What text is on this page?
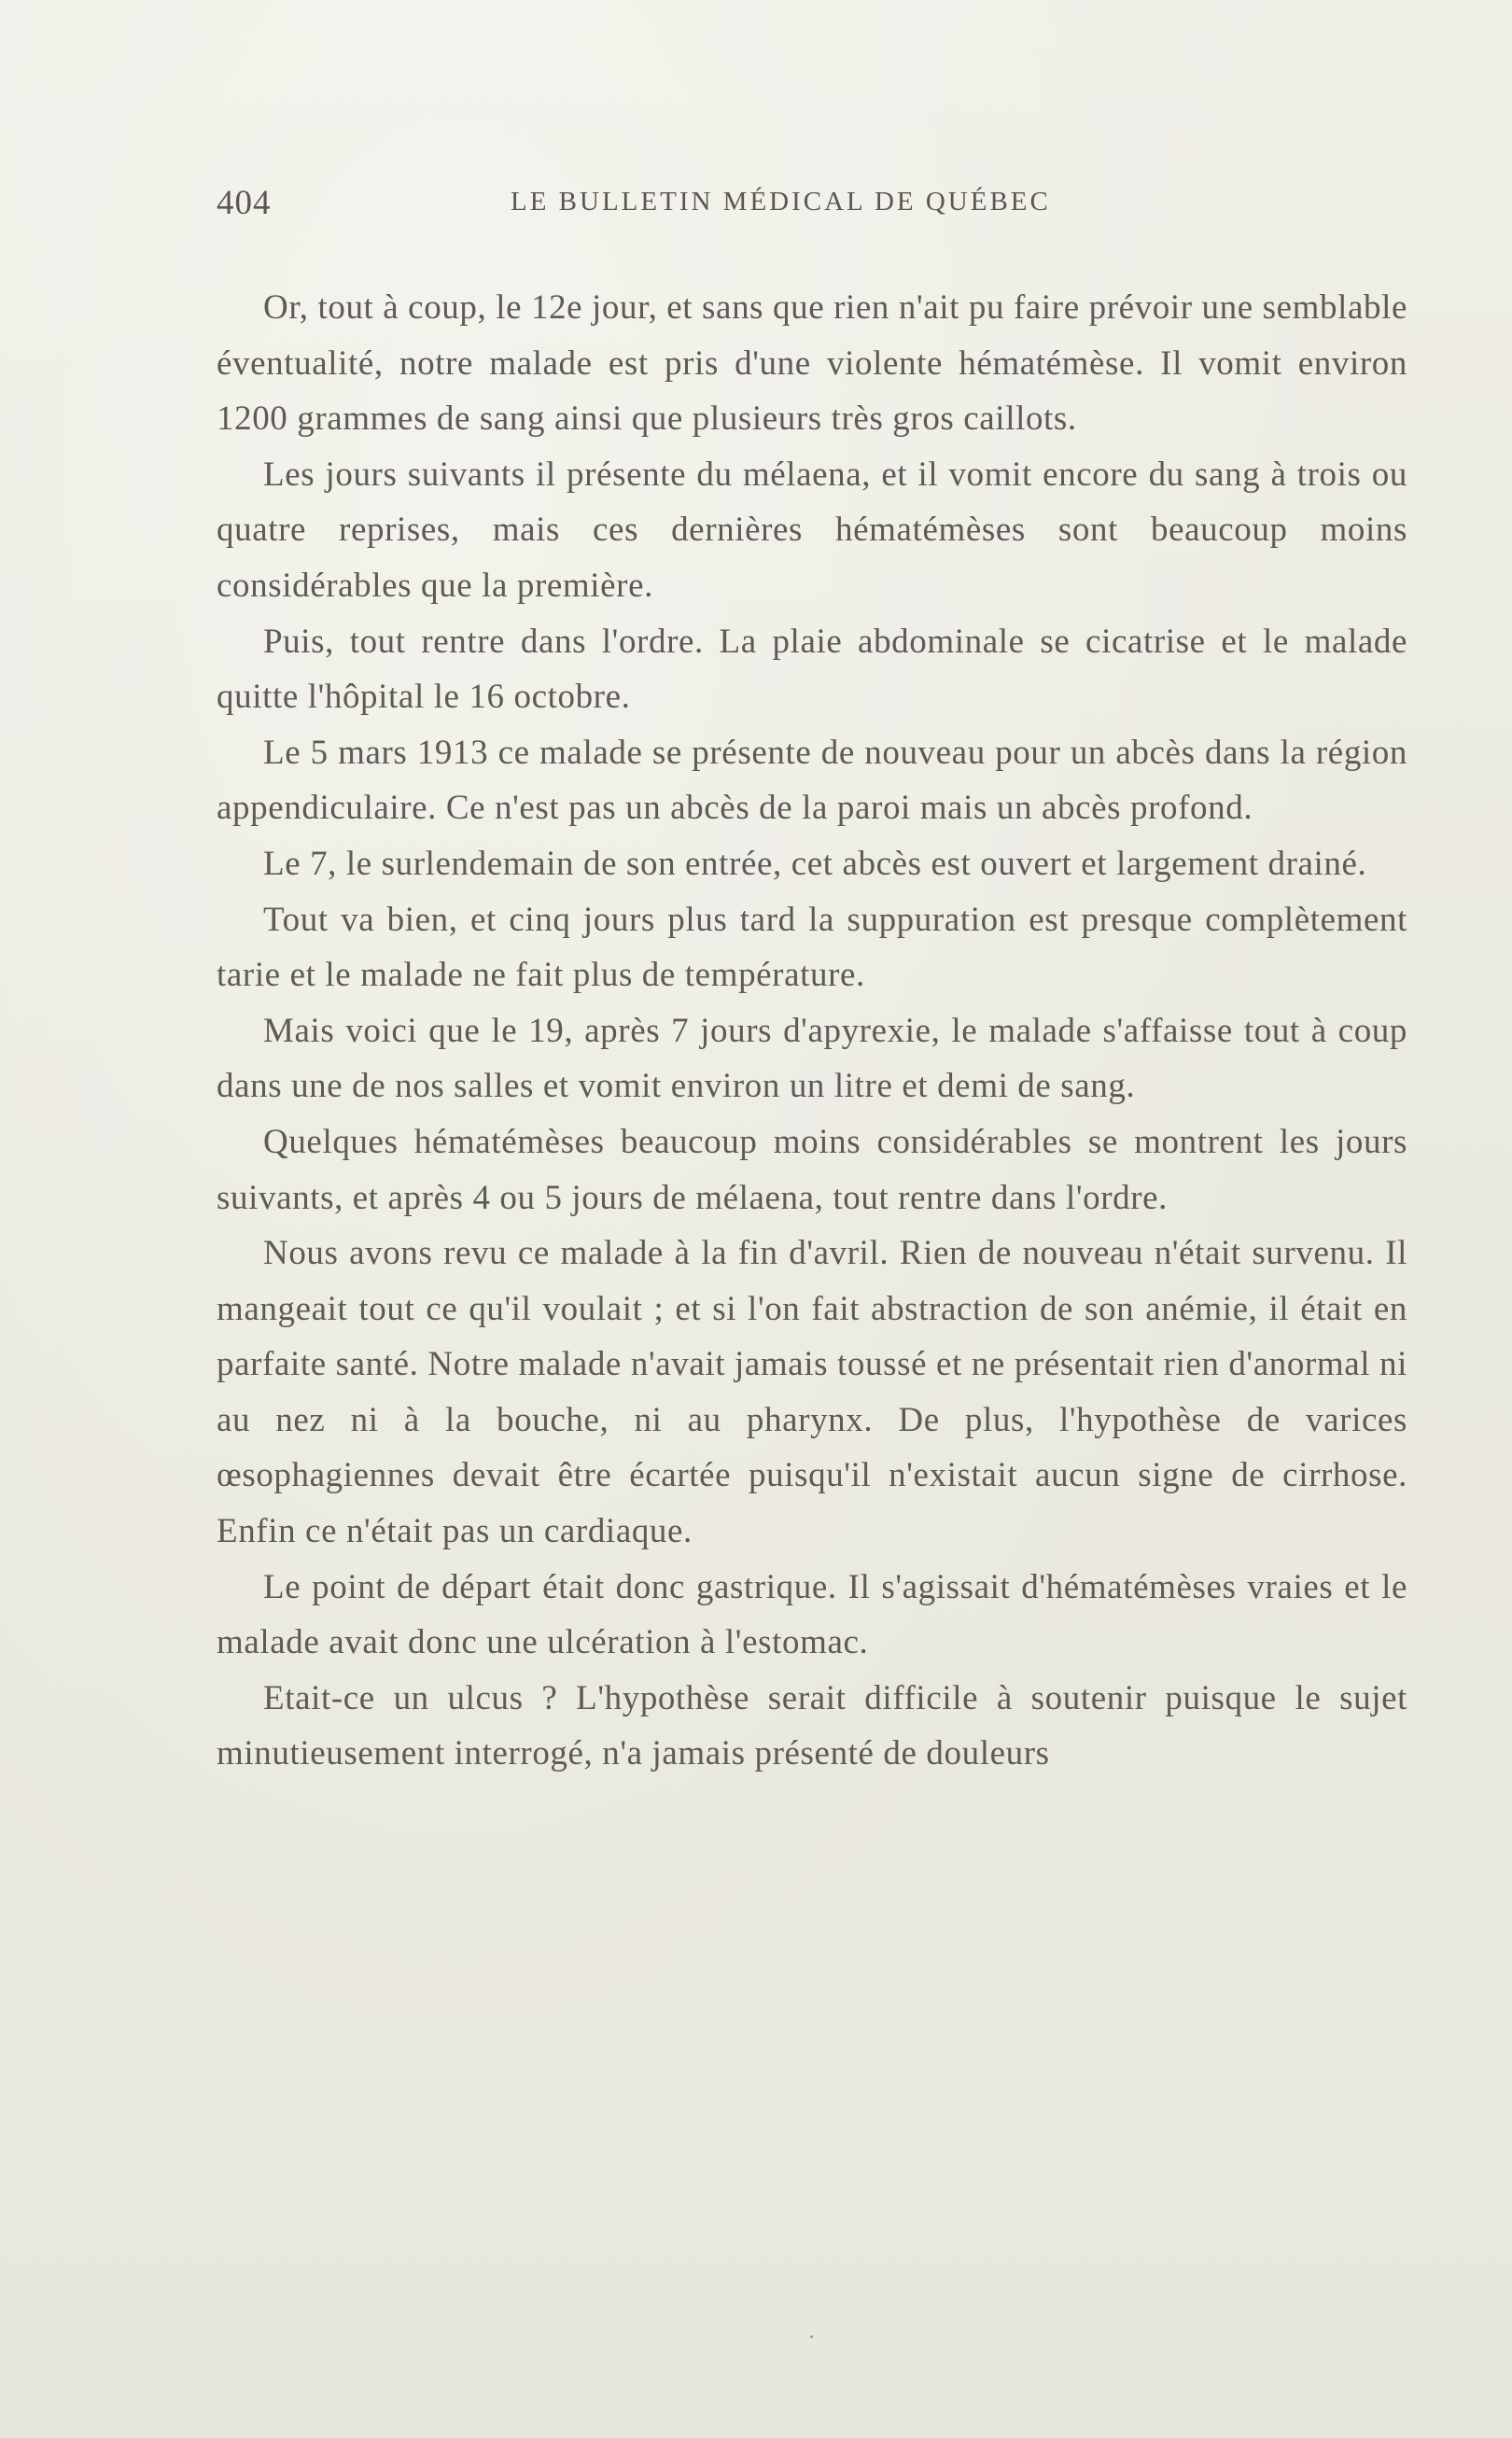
404	LE BULLETIN MÉDICAL DE QUÉBEC

Or, tout à coup, le 12e jour, et sans que rien n'ait pu faire prévoir une semblable éventualité, notre malade est pris d'une violente hématémèse. Il vomit environ 1200 grammes de sang ainsi que plusieurs très gros caillots.

Les jours suivants il présente du mélaena, et il vomit encore du sang à trois ou quatre reprises, mais ces dernières hématémèses sont beaucoup moins considérables que la première.

Puis, tout rentre dans l'ordre. La plaie abdominale se cicatrise et le malade quitte l'hôpital le 16 octobre.

Le 5 mars 1913 ce malade se présente de nouveau pour un abcès dans la région appendiculaire. Ce n'est pas un abcès de la paroi mais un abcès profond.

Le 7, le surlendemain de son entrée, cet abcès est ouvert et largement drainé.

Tout va bien, et cinq jours plus tard la suppuration est presque complètement tarie et le malade ne fait plus de température.

Mais voici que le 19, après 7 jours d'apyrexie, le malade s'affaisse tout à coup dans une de nos salles et vomit environ un litre et demi de sang.

Quelques hématémèses beaucoup moins considérables se montrent les jours suivants, et après 4 ou 5 jours de mélaena, tout rentre dans l'ordre.

Nous avons revu ce malade à la fin d'avril. Rien de nouveau n'était survenu. Il mangeait tout ce qu'il voulait ; et si l'on fait abstraction de son anémie, il était en parfaite santé. Notre malade n'avait jamais toussé et ne présentait rien d'anormal ni au nez ni à la bouche, ni au pharynx. De plus, l'hypothèse de varices œsophagiennes devait être écartée puisqu'il n'existait aucun signe de cirrhose. Enfin ce n'était pas un cardiaque.

Le point de départ était donc gastrique. Il s'agissait d'hématémèses vraies et le malade avait donc une ulcération à l'estomac.

Etait-ce un ulcus ? L'hypothèse serait difficile à soutenir puisque le sujet minutieusement interrogé, n'a jamais présenté de douleurs
